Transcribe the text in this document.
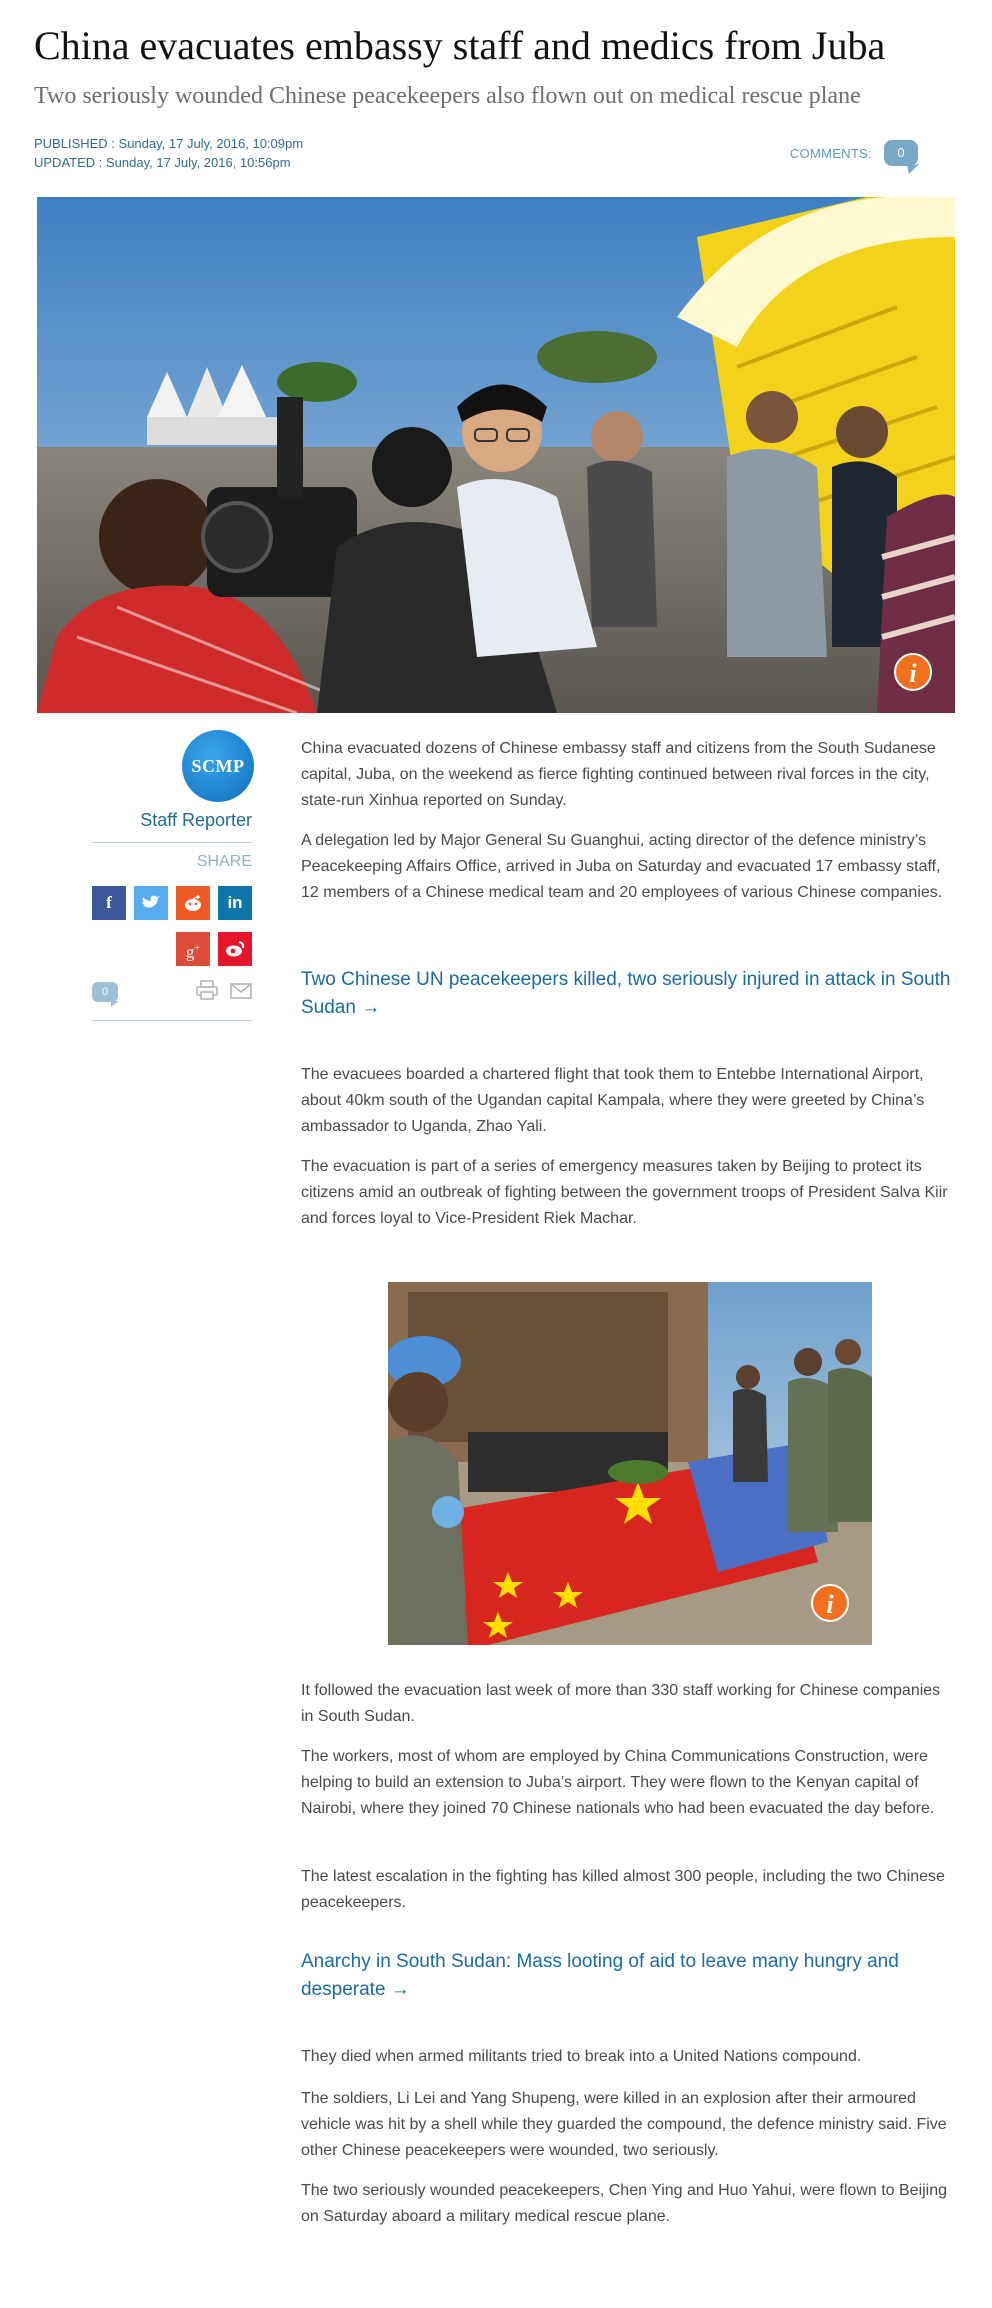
China evacuates embassy staff and medics from Juba
Two seriously wounded Chinese peacekeepers also flown out on medical rescue plane
PUBLISHED : Sunday, 17 July, 2016, 10:09pm
UPDATED : Sunday, 17 July, 2016, 10:56pm
COMMENTS:	0
i
SCMP
Staff Reporter
SHARE
f	in
g+
0

China evacuated dozens of Chinese embassy staff and citizens from the South Sudanese capital, Juba, on the weekend as fierce fighting continued between rival forces in the city, state-run Xinhua reported on Sunday.

A delegation led by Major General Su Guanghui, acting director of the defence ministry’s Peacekeeping Affairs Office, arrived in Juba on Saturday and evacuated 17 embassy staff, 12 members of a Chinese medical team and 20 employees of various Chinese companies.

Two Chinese UN peacekeepers killed, two seriously injured in attack in South Sudan →

The evacuees boarded a chartered flight that took them to Entebbe International Airport, about 40km south of the Ugandan capital Kampala, where they were greeted by China’s ambassador to Uganda, Zhao Yali.

The evacuation is part of a series of emergency measures taken by Beijing to protect its citizens amid an outbreak of fighting between the government troops of President Salva Kiir and forces loyal to Vice-President Riek Machar.

i

It followed the evacuation last week of more than 330 staff working for Chinese companies in South Sudan.

The workers, most of whom are employed by China Communications Construction, were helping to build an extension to Juba’s airport. They were flown to the Kenyan capital of Nairobi, where they joined 70 Chinese nationals who had been evacuated the day before.

The latest escalation in the fighting has killed almost 300 people, including the two Chinese peacekeepers.

Anarchy in South Sudan: Mass looting of aid to leave many hungry and desperate →

They died when armed militants tried to break into a United Nations compound.

The soldiers, Li Lei and Yang Shupeng, were killed in an explosion after their armoured vehicle was hit by a shell while they guarded the compound, the defence ministry said. Five other Chinese peacekeepers were wounded, two seriously.

The two seriously wounded peacekeepers, Chen Ying and Huo Yahui, were flown to Beijing on Saturday aboard a military medical rescue plane.
